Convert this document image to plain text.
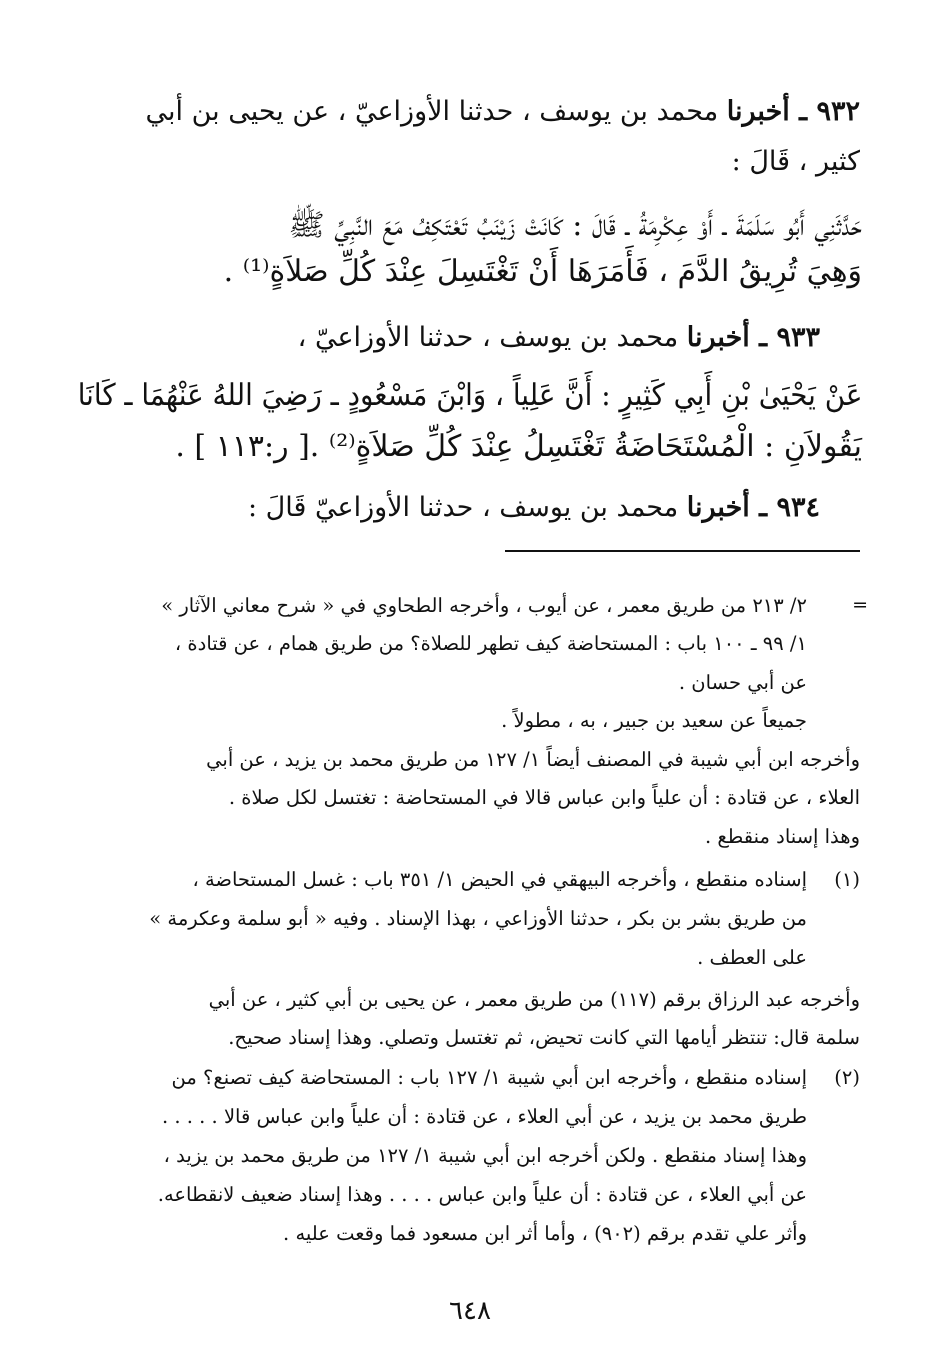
٩٣٢ ـ أخبرنا محمد بن يوسف ، حدثنا الأوزاعيّ ، عن يحيى بن أبي
كثير ، قَالَ :
حَدَّثَنِي أَبُو سَلَمَةَ ـ أَوْ عِكْرِمَةُ ـ قَالَ : كَانَتْ زَيْنَبُ تَعْتَكِفُ مَعَ النَّبِيِّ ﷺ
وَهِيَ تُرِيقُ الدَّمَ ، فَأَمَرَهَا أَنْ تَغْتَسِلَ عِنْدَ كُلِّ صَلاَةٍ⁽¹⁾ .
٩٣٣ ـ أخبرنا محمد بن يوسف ، حدثنا الأوزاعيّ ،
عَنْ يَحْيَىٰ بْنِ أَبِي كَثِيرٍ : أَنَّ عَلِياً ، وَابْنَ مَسْعُودٍ ـ رَضِيَ اللهُ عَنْهُمَا ـ كَانَا
يَقُولاَنِ : الْمُسْتَحَاضَةُ تَغْتَسِلُ عِنْدَ كُلِّ صَلاَةٍ⁽²⁾ .[ ر:١١٣ ] .
٩٣٤ ـ أخبرنا محمد بن يوسف ، حدثنا الأوزاعيّ قَالَ :
=
٢/ ٢١٣ من طريق معمر ، عن أيوب ، وأخرجه الطحاوي في « شرح معاني الآثار »
١/ ٩٩ ـ ١٠٠ باب : المستحاضة كيف تطهر للصلاة؟ من طريق همام ، عن قتادة ،
عن أبي حسان .
جميعاً عن سعيد بن جبير ، به ، مطولاً .
وأخرجه ابن أبي شيبة في المصنف أيضاً ١/ ١٢٧ من طريق محمد بن يزيد ، عن أبي
العلاء ، عن قتادة : أن علياً وابن عباس قالا في المستحاضة : تغتسل لكل صلاة .
وهذا إسناد منقطع .
(١)
إسناده منقطع ، وأخرجه البيهقي في الحيض ١/ ٣٥١ باب : غسل المستحاضة ،
من طريق بشر بن بكر ، حدثنا الأوزاعي ، بهذا الإسناد . وفيه « أبو سلمة وعكرمة »
على العطف .
وأخرجه عبد الرزاق برقم (١١٧) من طريق معمر ، عن يحيى بن أبي كثير ، عن أبي
سلمة قال: تنتظر أيامها التي كانت تحيض، ثم تغتسل وتصلي. وهذا إسناد صحيح.
(٢)
إسناده منقطع ، وأخرجه ابن أبي شيبة ١/ ١٢٧ باب : المستحاضة كيف تصنع؟ من
طريق محمد بن يزيد ، عن أبي العلاء ، عن قتادة : أن علياً وابن عباس قالا . . . . .
وهذا إسناد منقطع . ولكن أخرجه ابن أبي شيبة ١/ ١٢٧ من طريق محمد بن يزيد ،
عن أبي العلاء ، عن قتادة : أن علياً وابن عباس . . . . وهذا إسناد ضعيف لانقطاعه.
وأثر علي تقدم برقم (٩٠٢) ، وأما أثر ابن مسعود فما وقعت عليه .
٦٤٨
